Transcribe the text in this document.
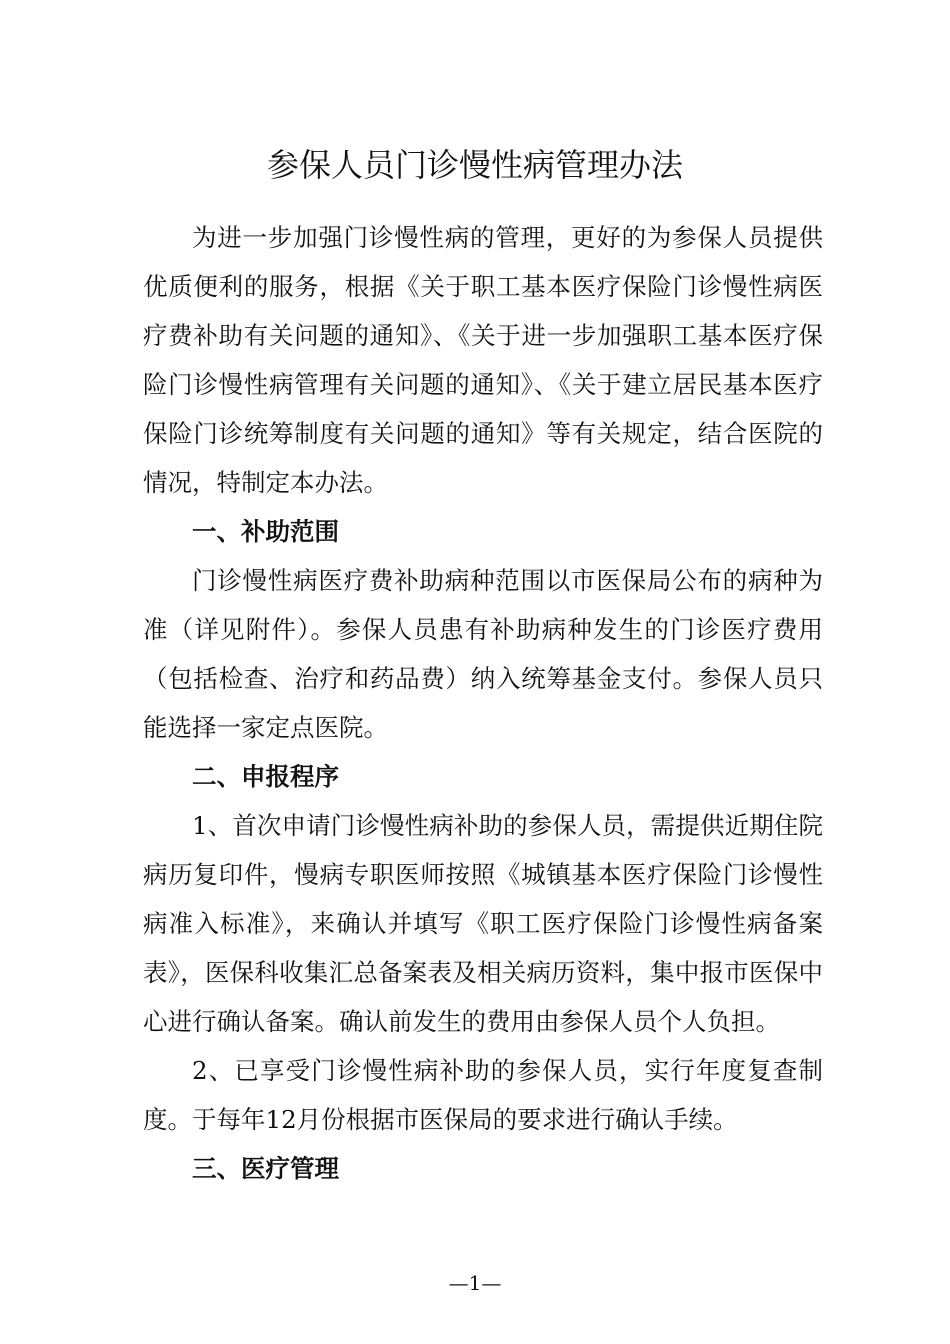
参保人员门诊慢性病管理办法

为进一步加强门诊慢性病的管理，更好的为参保人员提供优质便利的服务，根据《关于职工基本医疗保险门诊慢性病医疗费补助有关问题的通知》、《关于进一步加强职工基本医疗保险门诊慢性病管理有关问题的通知》、《关于建立居民基本医疗保险门诊统筹制度有关问题的通知》等有关规定，结合医院的情况，特制定本办法。

一、补助范围

门诊慢性病医疗费补助病种范围以市医保局公布的病种为准（详见附件）。参保人员患有补助病种发生的门诊医疗费用（包括检查、治疗和药品费）纳入统筹基金支付。参保人员只能选择一家定点医院。

二、申报程序

1、首次申请门诊慢性病补助的参保人员，需提供近期住院病历复印件，慢病专职医师按照《城镇基本医疗保险门诊慢性病准入标准》，来确认并填写《职工医疗保险门诊慢性病备案表》，医保科收集汇总备案表及相关病历资料，集中报市医保中心进行确认备案。确认前发生的费用由参保人员个人负担。

2、已享受门诊慢性病补助的参保人员，实行年度复查制度。于每年12月份根据市医保局的要求进行确认手续。

三、医疗管理

—1—
